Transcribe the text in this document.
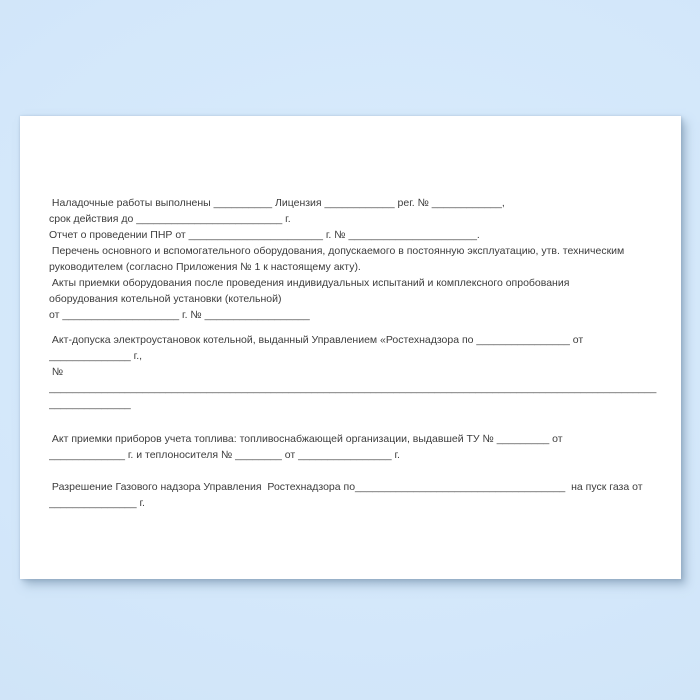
Наладочные работы выполнены __________ Лицензия ____________ рег. № ____________,
срок действия до _________________________ г.
Отчет о проведении ПНР от _______________________ г. № ______________________.
Перечень основного и вспомогательного оборудования, допускаемого в постоянную эксплуатацию, утв. техническим
руководителем (согласно Приложения № 1 к настоящему акту).
Акты приемки оборудования после проведения индивидуальных испытаний и комплексного опробования
оборудования котельной установки (котельной)
от ____________________ г. № __________________
Акт-допуска электроустановок котельной, выданный Управлением «Ростехнадзора по ________________ от
______________ г.,
№
________________________________________________________________________________________________________
______________
Акт приемки приборов учета топлива: топливоснабжающей организации, выдавшей ТУ № _________ от
_____________ г. и теплоносителя № ________ от ________________ г.
Разрешение Газового надзора Управления  Ростехнадзора по____________________________________  на пуск газа от
_______________ г.
